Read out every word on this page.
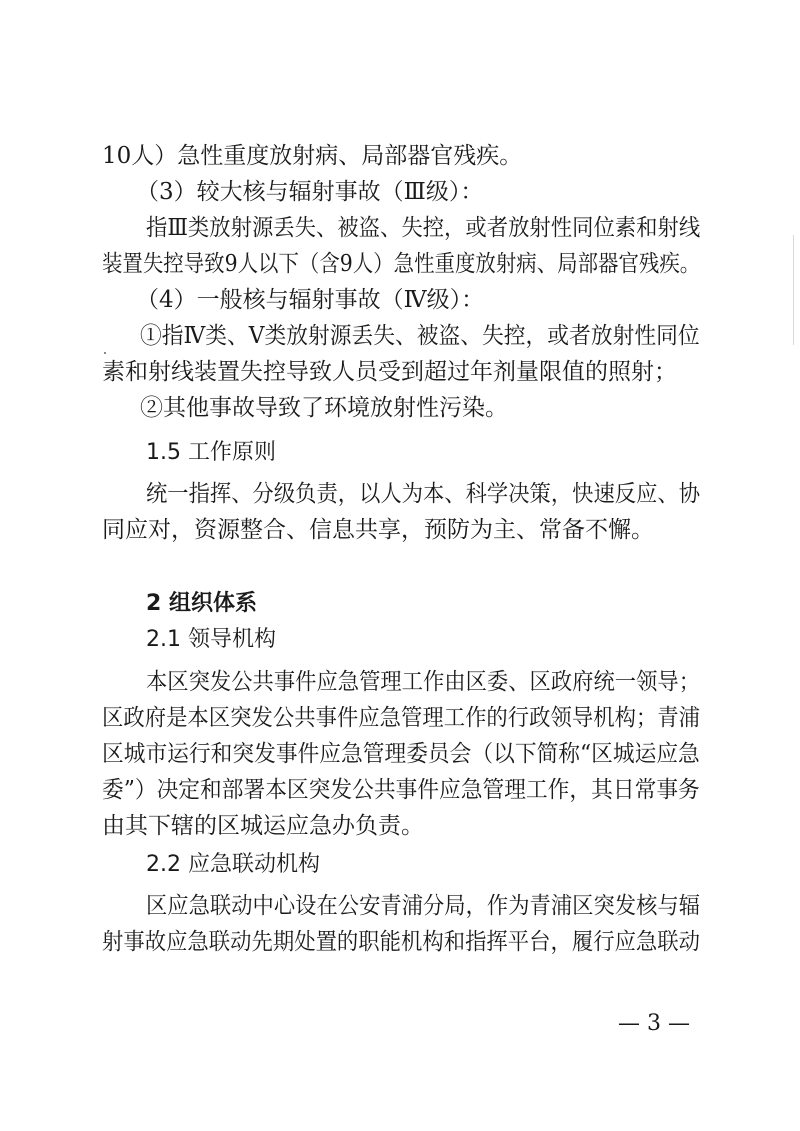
10人）急性重度放射病、局部器官残疾。
（3）较大核与辐射事故（Ⅲ级）：
指Ⅲ类放射源丢失、被盗、失控，或者放射性同位素和射线
装置失控导致9人以下（含9人）急性重度放射病、局部器官残疾。
（4）一般核与辐射事故（Ⅳ级）：
①指Ⅳ类、Ⅴ类放射源丢失、被盗、失控，或者放射性同位
素和射线装置失控导致人员受到超过年剂量限值的照射；
②其他事故导致了环境放射性污染。
1.5 工作原则
统一指挥、分级负责，以人为本、科学决策，快速反应、协
同应对，资源整合、信息共享，预防为主、常备不懈。
2 组织体系
2.1 领导机构
本区突发公共事件应急管理工作由区委、区政府统一领导；
区政府是本区突发公共事件应急管理工作的行政领导机构；青浦
区城市运行和突发事件应急管理委员会（以下简称“区城运应急
委”）决定和部署本区突发公共事件应急管理工作，其日常事务
由其下辖的区城运应急办负责。
2.2 应急联动机构
区应急联动中心设在公安青浦分局，作为青浦区突发核与辐
射事故应急联动先期处置的职能机构和指挥平台，履行应急联动
— 3 —
